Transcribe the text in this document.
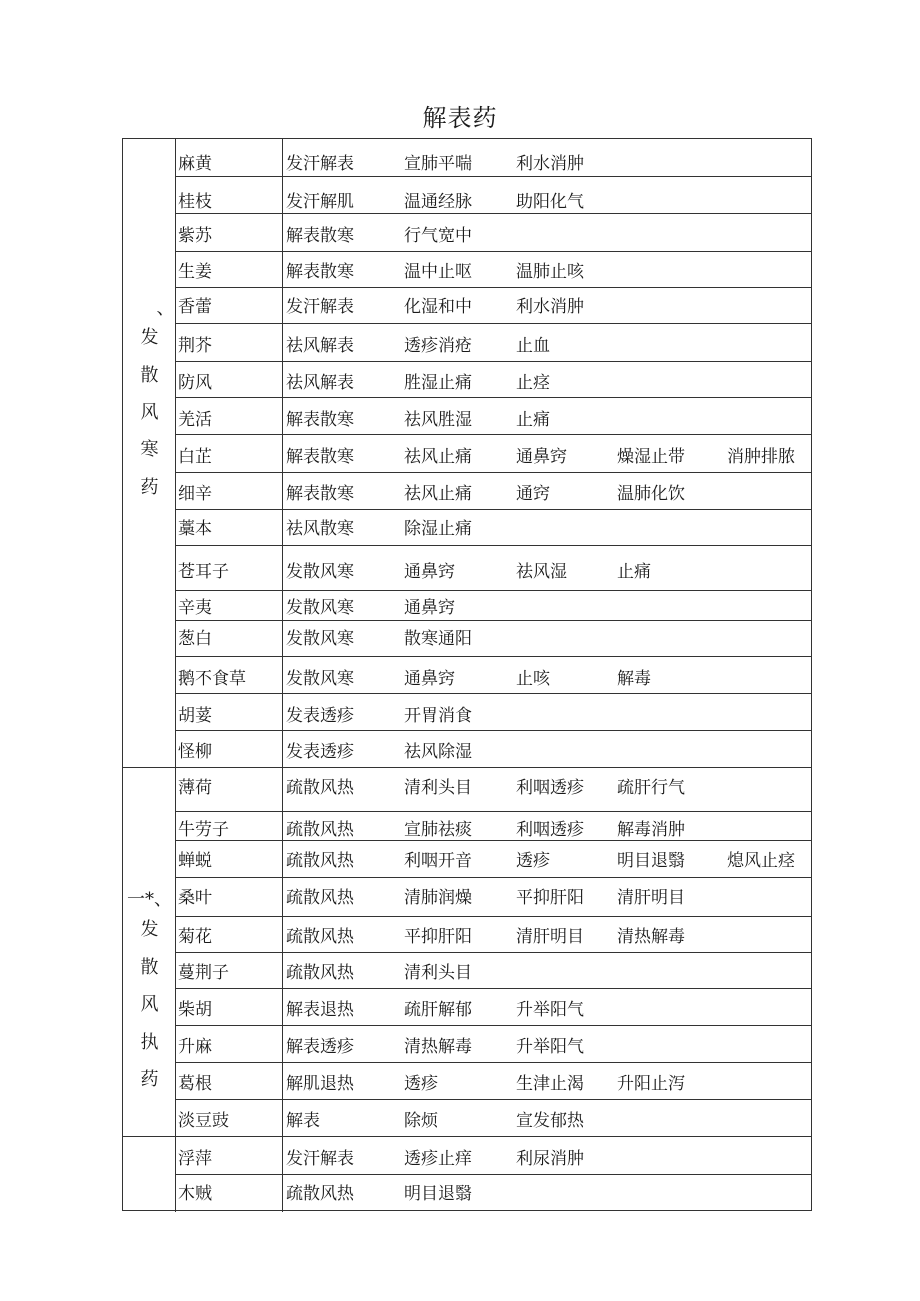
解表药
、
发
散
风
寒
药
一*、
发
散
风
执
药
麻黄	发汗解表	宣肺平喘	利水消肿
桂枝	发汗解肌	温通经脉	助阳化气
紫苏	解表散寒	行气宽中
生姜	解表散寒	温中止呕	温肺止咳
香蕾	发汗解表	化湿和中	利水消肿
荆芥	祛风解表	透疹消疮	止血
防风	祛风解表	胜湿止痛	止痉
羌活	解表散寒	祛风胜湿	止痛
白芷	解表散寒	祛风止痛	通鼻窍	燥湿止带 消肿排脓
细辛	解表散寒	祛风止痛	通窍	温肺化饮
藁本	祛风散寒	除湿止痛
苍耳子	发散风寒	通鼻窍	祛风湿	止痛
辛夷	发散风寒	通鼻窍
葱白	发散风寒	散寒通阳
鹅不食草 发散风寒	通鼻窍	止咳	解毒
胡荽	发表透疹	开胃消食
怪柳	发表透疹	祛风除湿
薄荷	疏散风热	清利头目	利咽透疹 疏肝行气
牛劳子	疏散风热	宣肺祛痰	利咽透疹 解毒消肿
蝉蜕	疏散风热	利咽开音	透疹	明目退翳 熄风止痉
桑叶	疏散风热	清肺润燥	平抑肝阳 清肝明目
菊花	疏散风热	平抑肝阳	清肝明目 清热解毒
蔓荆子	疏散风热	清利头目
柴胡	解表退热	疏肝解郁	升举阳气
升麻	解表透疹	清热解毒	升举阳气
葛根	解肌退热	透疹	生津止渴 升阳止泻
淡豆豉	解表	除烦	宣发郁热
浮萍	发汗解表	透疹止痒	利尿消肿
木贼	疏散风热	明目退翳
